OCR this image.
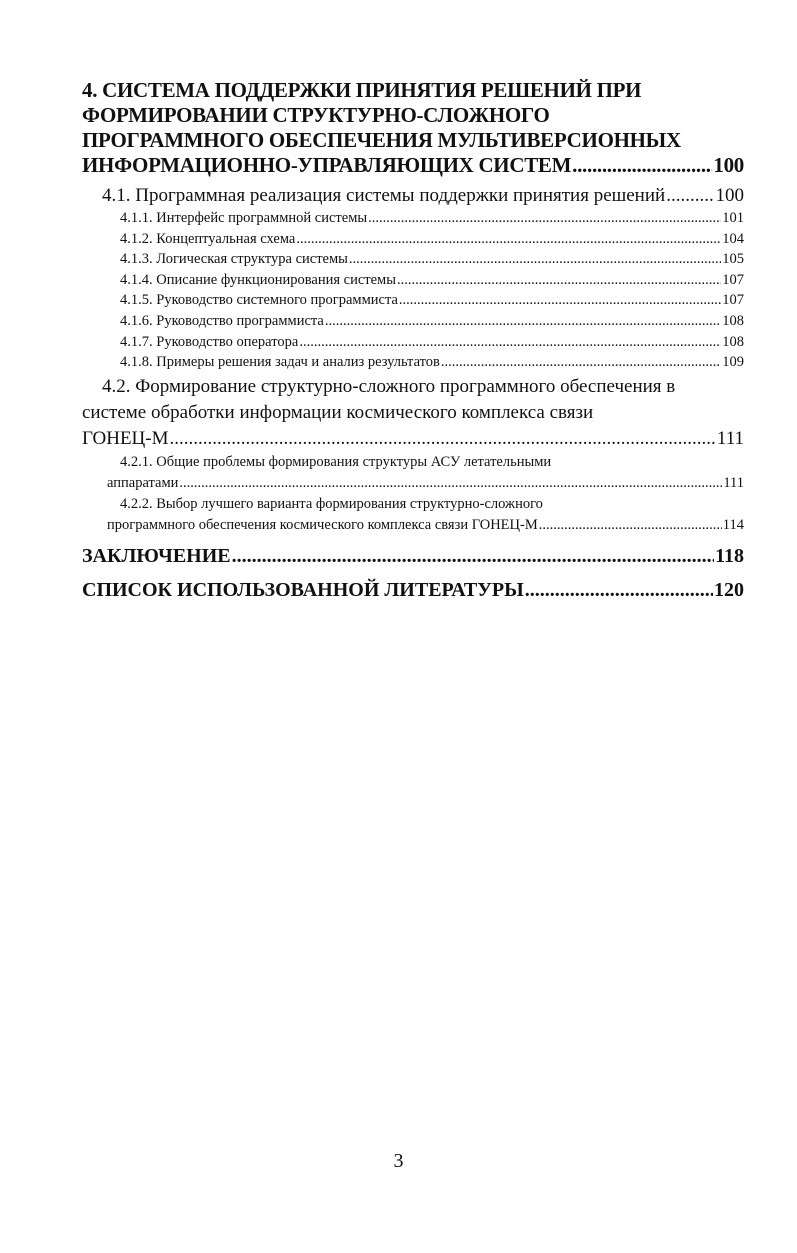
4. СИСТЕМА ПОДДЕРЖКИ ПРИНЯТИЯ РЕШЕНИЙ ПРИ
ФОРМИРОВАНИИ СТРУКТУРНО-СЛОЖНОГО
ПРОГРАММНОГО ОБЕСПЕЧЕНИЯ МУЛЬТИВЕРСИОННЫХ
ИНФОРМАЦИОННО-УПРАВЛЯЮЩИХ СИСТЕМ .....	100
4.1. Программная реализация системы поддержки принятия решений .....	100
4.1.1. Интерфейс программной системы .....	101
4.1.2. Концептуальная схема .....	104
4.1.3. Логическая структура системы .....	105
4.1.4. Описание функционирования системы .....	107
4.1.5. Руководство системного программиста .....	107
4.1.6. Руководство программиста .....	108
4.1.7. Руководство оператора .....	108
4.1.8. Примеры решения задач и анализ результатов .....	109
4.2. Формирование структурно-сложного программного обеспечения в
системе обработки информации космического комплекса связи
ГОНЕЦ-М .....	111
4.2.1. Общие проблемы формирования структуры АСУ летательными
аппаратами .....	111
4.2.2. Выбор лучшего варианта формирования структурно-сложного
программного обеспечения космического комплекса связи ГОНЕЦ-М .....	114
ЗАКЛЮЧЕНИЕ .....	118
СПИСОК ИСПОЛЬЗОВАННОЙ ЛИТЕРАТУРЫ .....	120
3
